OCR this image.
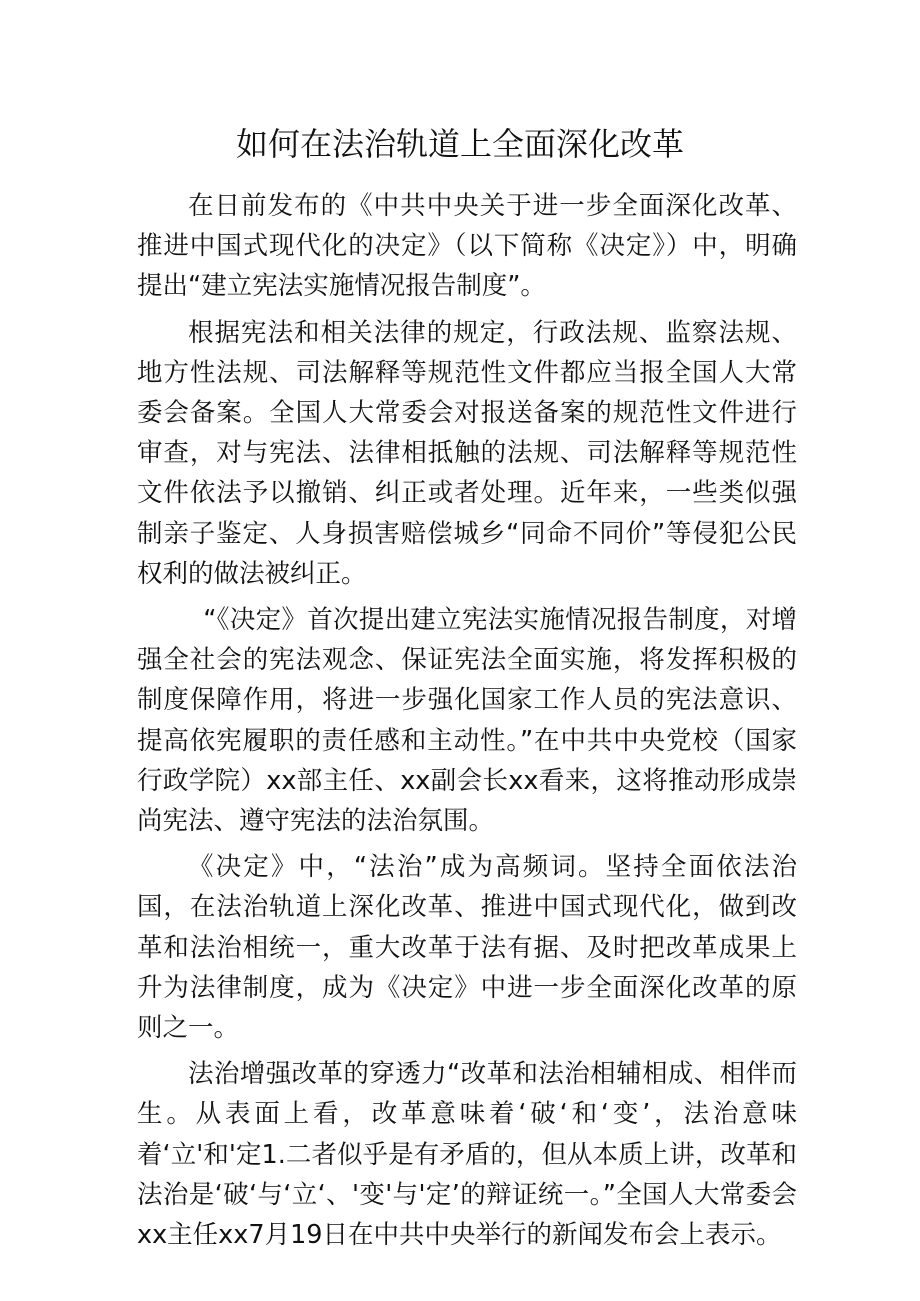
如何在法治轨道上全面深化改革

在日前发布的《中共中央关于进一步全面深化改革、推进中国式现代化的决定》（以下简称《决定》）中，明确提出“建立宪法实施情况报告制度”。

根据宪法和相关法律的规定，行政法规、监察法规、地方性法规、司法解释等规范性文件都应当报全国人大常委会备案。全国人大常委会对报送备案的规范性文件进行审查，对与宪法、法律相抵触的法规、司法解释等规范性文件依法予以撤销、纠正或者处理。近年来，一些类似强制亲子鉴定、人身损害赔偿城乡“同命不同价”等侵犯公民权利的做法被纠正。

“《决定》首次提出建立宪法实施情况报告制度，对增强全社会的宪法观念、保证宪法全面实施，将发挥积极的制度保障作用，将进一步强化国家工作人员的宪法意识、提高依宪履职的责任感和主动性。”在中共中央党校（国家行政学院）xx部主任、xx副会长xx看来，这将推动形成崇尚宪法、遵守宪法的法治氛围。

《决定》中，“法治”成为高频词。坚持全面依法治国，在法治轨道上深化改革、推进中国式现代化，做到改革和法治相统一，重大改革于法有据、及时把改革成果上升为法律制度，成为《决定》中进一步全面深化改革的原则之一。

法治增强改革的穿透力“改革和法治相辅相成、相伴而生。从表面上看，改革意味着‘破‘和‘变’，法治意味着‘立'和'定1.二者似乎是有矛盾的，但从本质上讲，改革和法治是‘破‘与‘立‘、'变'与'定’的辩证统一。”全国人大常委会xx主任xx7月19日在中共中央举行的新闻发布会上表示。
